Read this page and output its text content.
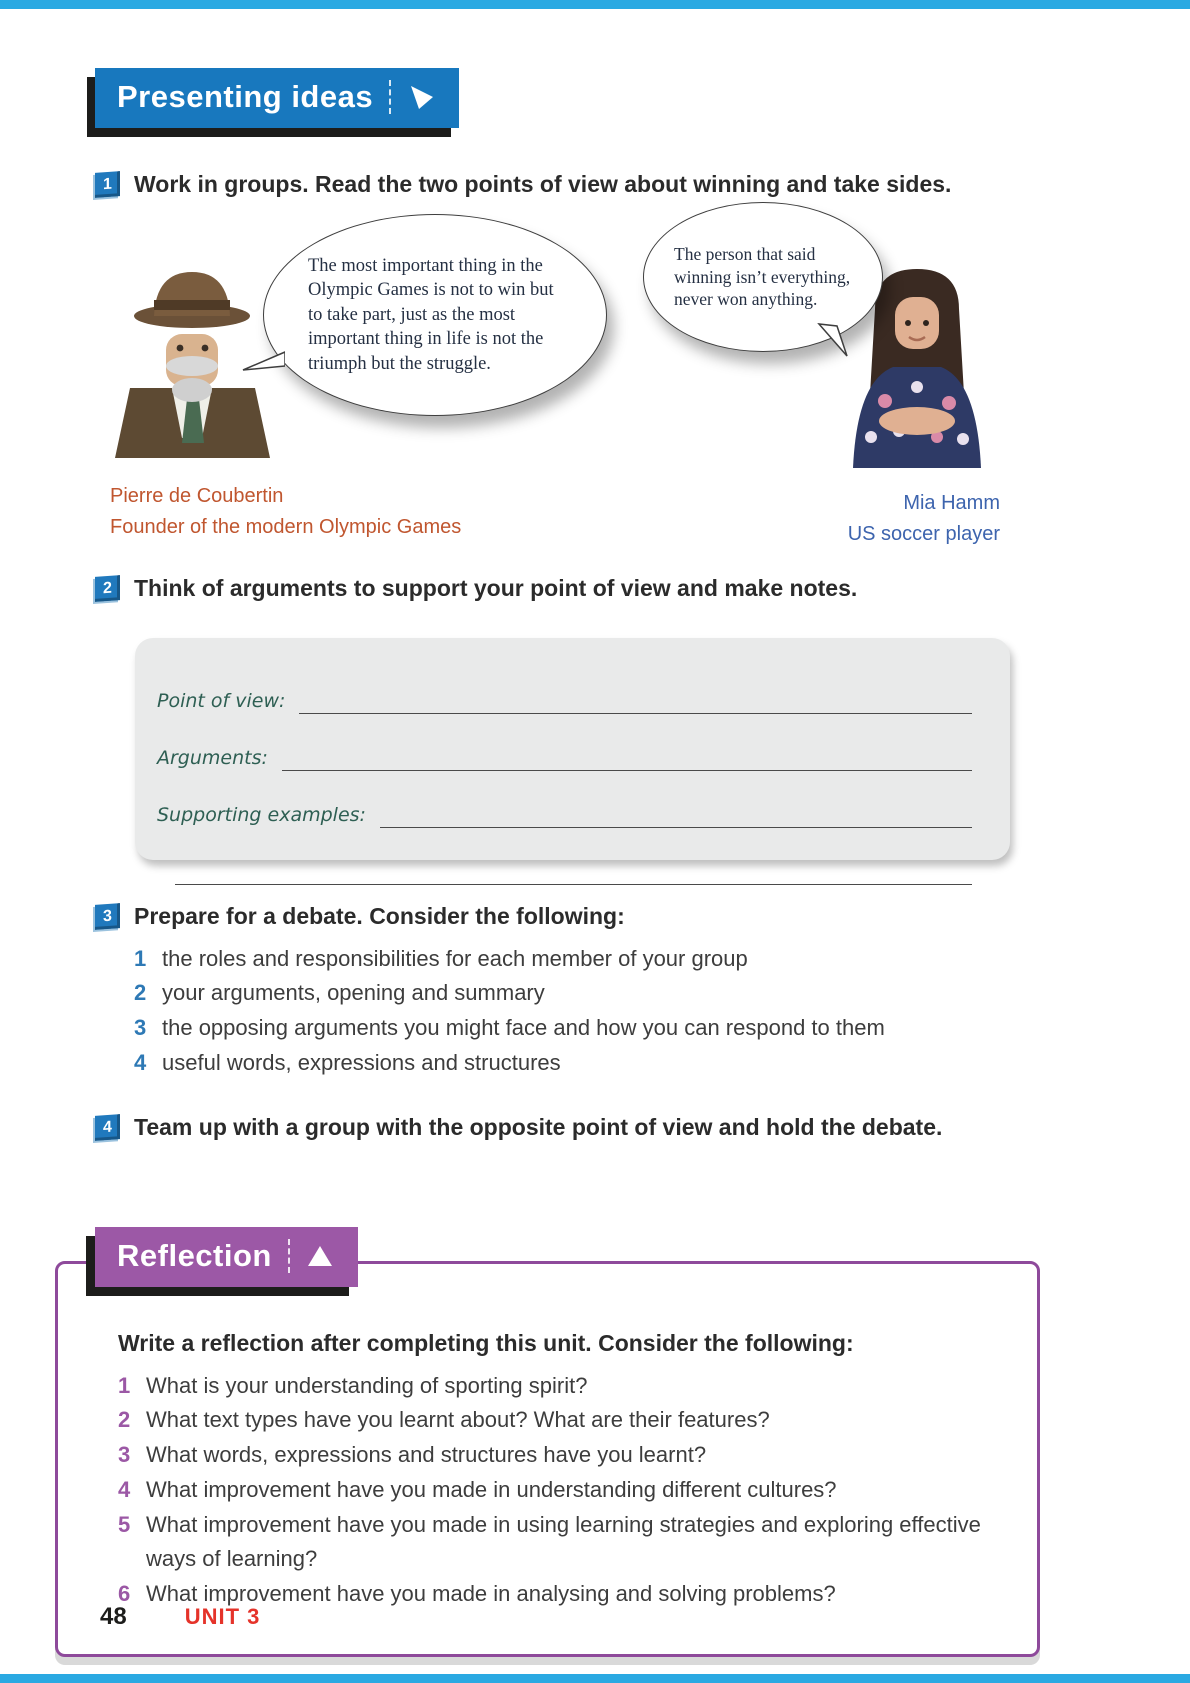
Presenting ideas
1 Work in groups. Read the two points of view about winning and take sides.

The most important thing in the Olympic Games is not to win but to take part, just as the most important thing in life is not the triumph but the struggle.

The person that said winning isn’t everything, never won anything.

Pierre de Coubertin
Founder of the modern Olympic Games
Mia Hamm
US soccer player
2 Think of arguments to support your point of view and make notes.
Point of view:
Arguments:
Supporting examples:
3 Prepare for a debate. Consider the following:
1 the roles and responsibilities for each member of your group
2 your arguments, opening and summary
3 the opposing arguments you might face and how you can respond to them
4 useful words, expressions and structures
4 Team up with a group with the opposite point of view and hold the debate.
Reflection

Write a reflection after completing this unit. Consider the following:

1 What is your understanding of sporting spirit?
2 What text types have you learnt about? What are their features?
3 What words, expressions and structures have you learnt?
4 What improvement have you made in understanding different cultures?
5 What improvement have you made in using learning strategies and exploring effective ways of learning?
6 What improvement have you made in analysing and solving problems?
48	UNIT 3
